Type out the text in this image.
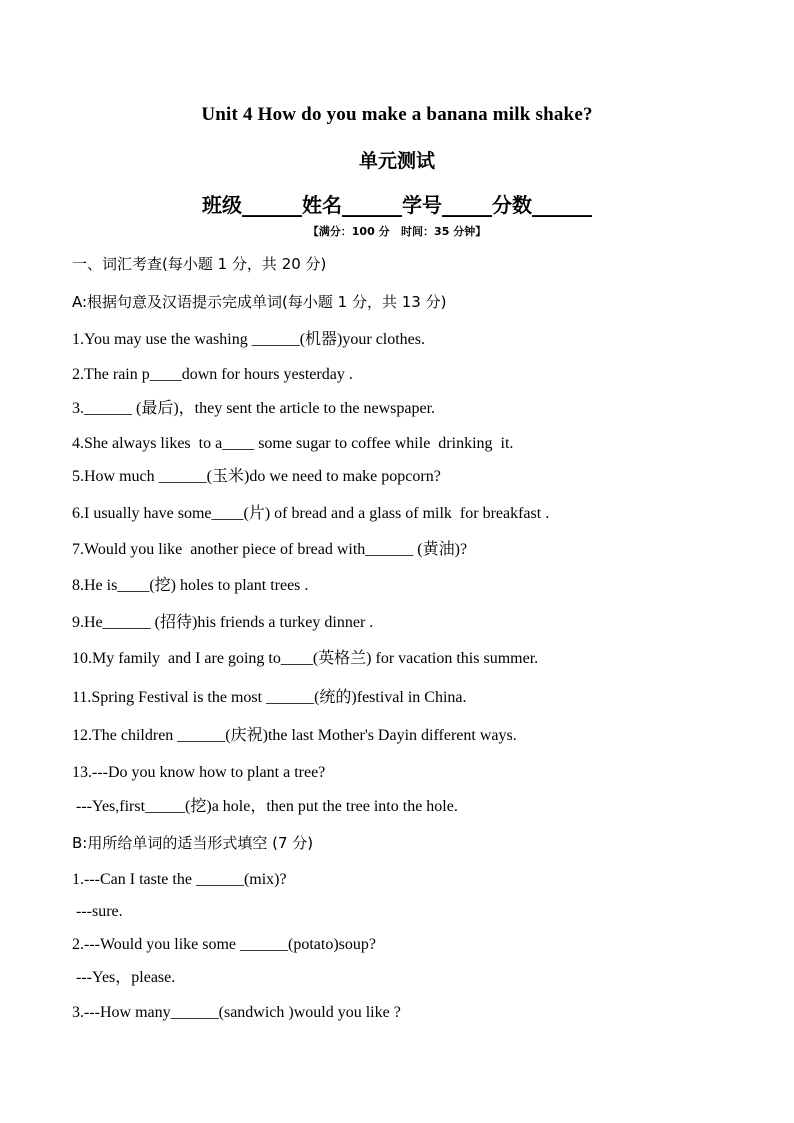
Unit 4 How do you make a banana milk shake?
单元测试
班级______姓名______学号_____分数______
【满分：100 分   时间：35 分钟】
一、词汇考查(每小题 1 分，共 20 分)
A:根据句意及汉语提示完成单词(每小题 1 分，共 13 分)
1.You may use the washing ______(机器)your clothes.
2.The rain p____down for hours yesterday .
3.______ (最后)，they sent the article to the newspaper.
4.She always likes  to a____ some sugar to coffee while  drinking  it.
5.How much ______(玉米)do we need to make popcorn?
6.I usually have some____(片) of bread and a glass of milk  for breakfast .
7.Would you like  another piece of bread with______ (黄油)?
8.He is____(挖) holes to plant trees .
9.He______ (招待)his friends a turkey dinner .
10.My family  and I are going to____(英格兰) for vacation this summer.
11.Spring Festival is the most ______(统的)festival in China.
12.The children ______(庆祝)the last Mother's Dayin different ways.
13.---Do you know how to plant a tree?
---Yes,first_____(挖)a hole，then put the tree into the hole.
B:用所给单词的适当形式填空 (7 分)
1.---Can I taste the ______(mix)?
---sure.
2.---Would you like some ______(potato)soup?
---Yes，please.
3.---How many______(sandwich )would you like ?
